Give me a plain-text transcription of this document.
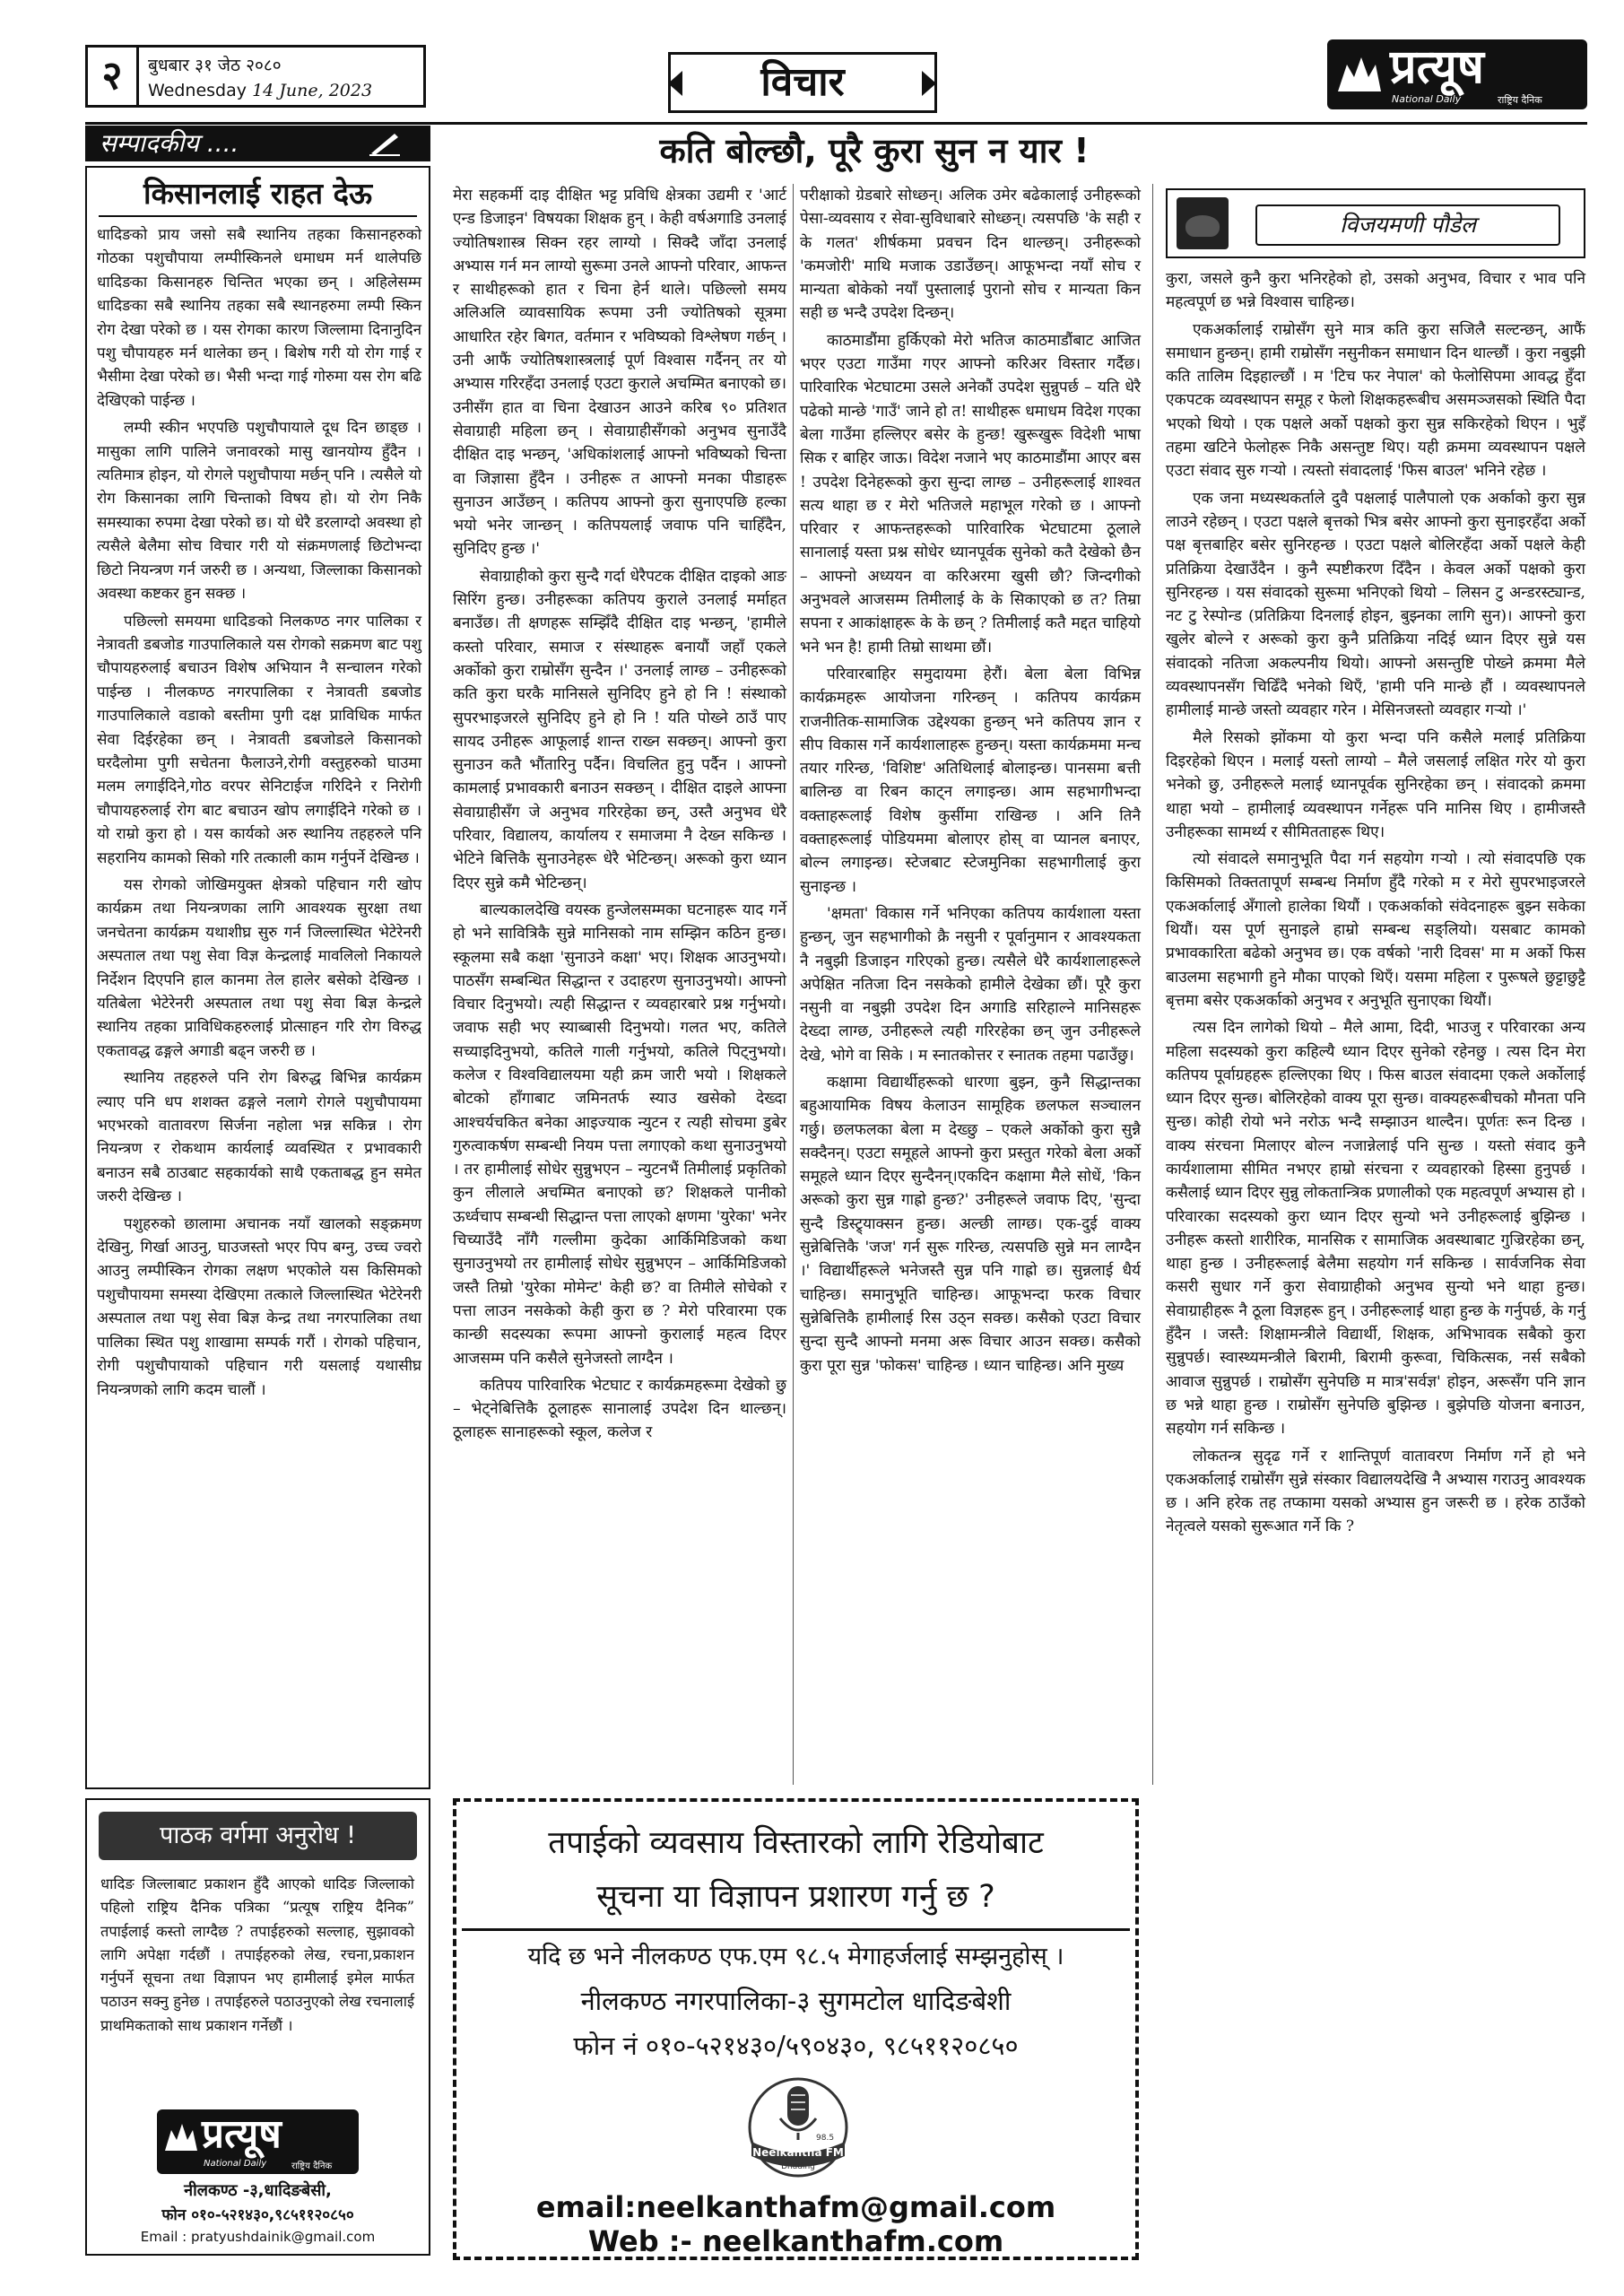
२	बुधबार ३१ जेठ २०८०
Wednesday 14 June, 2023	विचार	प्रत्यूष
National Daily	राष्ट्रिय दैनिक
सम्पादकीय ....
किसानलाई राहत देऊ

धादिङको प्राय जसो सबै स्थानिय तहका किसानहरुको गोठका पशुचौपाया लम्पीस्किनले धमाधम मर्न थालेपछि धादिङका किसानहरु चिन्तित भएका छन् । अहिलेसम्म धादिङका सबै स्थानिय तहका सबै स्थानहरुमा लम्पी स्किन रोग देखा परेको छ । यस रोगका कारण जिल्लामा दिनानुदिन पशु चौपायहरु मर्न थालेका छन् । बिशेष गरी यो रोग गाई र भैसीमा देखा परेको छ। भैसी भन्दा गाई गोरुमा यस रोग बढि देखिएको पाईन्छ ।

लम्पी स्कीन भएपछि पशुचौपायाले दूध दिन छाड्छ । मासुका लागि पालिने जनावरको मासु खानयोग्य हुँदैन । त्यतिमात्र होइन, यो रोगले पशुचौपाया मर्छन् पनि । त्यसैले यो रोग किसानका लागि चिन्ताको विषय हो। यो रोग निकै समस्याका रुपमा देखा परेको छ। यो धेरै डरलाग्दो अवस्था हो त्यसैले बेलैमा सोच विचार गरी यो संक्रमणलाई छिटोभन्दा छिटो नियन्त्रण गर्न जरुरी छ । अन्यथा, जिल्लाका किसानको अवस्था कष्टकर हुन सक्छ ।

पछिल्लो समयमा धादिङको निलकण्ठ नगर पालिका र नेत्रावती डबजोड गाउपालिकाले यस रोगको सक्रमण बाट पशु चौपायहरुलाई बचाउन विशेष अभियान नै सन्चालन गरेको पाईन्छ । नीलकण्ठ नगरपालिका र नेत्रावती डबजोड गाउपालिकाले वडाको बस्तीमा पुगी दक्ष प्राविधिक मार्फत सेवा दिईरहेका छन् । नेत्रावती डबजोडले किसानको घरदैलोमा पुगी सचेतना फैलाउने,रोगी वस्तुहरुको घाउमा मलम लगाईदिने,गोठ वरपर सेनिटाईज गरिदिने र निरोगी चौपायहरुलाई रोग बाट बचाउन खोप लगाईदिने गरेको छ । यो राम्रो कुरा हो । यस कार्यको अरु स्थानिय तहहरुले पनि सहरानिय कामको सिको गरि तत्काली काम गर्नुपर्ने देखिन्छ ।

यस रोगको जोखिमयुक्त क्षेत्रको पहिचान गरी खोप कार्यक्रम तथा नियन्त्रणका लागि आवश्यक सुरक्षा तथा जनचेतना कार्यक्रम यथाशीघ्र सुरु गर्न जिल्लास्थित भेटेरेनरी अस्पताल तथा पशु सेवा विज्ञ केन्द्रलाई मावलिलो निकायले निर्देशन दिएपनि हाल कानमा तेल हालेर बसेको देखिन्छ । यतिबेला भेटेरेनरी अस्पताल तथा पशु सेवा बिज्ञ केन्द्रले स्थानिय तहका प्राविधिकहरुलाई प्रोत्साहन गरि रोग विरुद्ध एकतावद्ध ढङ्गले अगाडी बढ्न जरुरी छ ।

स्थानिय तहहरुले पनि रोग बिरुद्ध बिभिन्न कार्यक्रम ल्याए पनि धप शशक्त ढङ्गले नलागे रोगले पशुचौपायमा भएभरको वातावरण सिर्जना नहोला भन्न सकिन्न । रोग नियन्त्रण र रोकथाम कार्यलाई व्यवस्थित र प्रभावकारी बनाउन सबै ठाउबाट सहकार्यको साथै एकताबद्ध हुन समेत जरुरी देखिन्छ ।

पशुहरुको छालामा अचानक नयाँ खालको सङ्क्रमण देखिनु, गिर्खा आउनु, घाउजस्तो भएर पिप बग्नु, उच्च ज्वरो आउनु लम्पीस्किन रोगका लक्षण भएकोले यस किसिमको पशुचौपायमा समस्या देखिएमा तत्काले जिल्लास्थित भेटेरेनरी अस्पताल तथा पशु सेवा बिज्ञ केन्द्र तथा नगरपालिका तथा पालिका स्थित पशु शाखामा सम्पर्क गरौं । रोगको पहिचान, रोगी पशुचौपायाको पहिचान गरी यसलाई यथासीघ्र नियन्त्रणको लागि कदम चालौं ।

पाठक वर्गमा अनुरोध !
धादिङ जिल्लाबाट प्रकाशन हुँदै आएको धादिङ जिल्लाको पहिलो राष्ट्रिय दैनिक पत्रिका “प्रत्यूष राष्ट्रिय दैनिक” तपाईलाई कस्तो लाग्दैछ ? तपाईहरुको सल्लाह, सुझावको लागि अपेक्षा गर्दछौं । तपाईहरुको लेख, रचना,प्रकाशन गर्नुपर्ने सूचना तथा विज्ञापन भए हामीलाई इमेल मार्फत पठाउन सक्नु हुनेछ । तपाईहरुले पठाउनुएको लेख रचनालाई प्राथमिकताको साथ प्रकाशन गर्नेछौं ।
प्रत्यूष
National Daily	राष्ट्रिय दैनिक
नीलकण्ठ -३,धादिङबेसी,
फोन ०१०-५२१४३०,९८५११२०८५०
Email : pratyushdainik@gmail.com
कति बोल्छौ, पूरै कुरा सुन न यार !

मेरा सहकर्मी दाइ दीक्षित भट्ट प्रविधि क्षेत्रका उद्यमी र 'आर्ट एन्ड डिजाइन' विषयका शिक्षक हुन् । केही वर्षअगाडि उनलाई ज्योतिषशास्त्र सिक्न रहर लाग्यो । सिक्दै जाँदा उनलाई अभ्यास गर्न मन लाग्यो सुरूमा उनले आफ्नो परिवार, आफन्त र साथीहरूको हात र चिना हेर्न थाले। पछिल्लो समय अलिअलि व्यावसायिक रूपमा उनी ज्योतिषको सूत्रमा आधारित रहेर बिगत, वर्तमान र भविष्यको विश्लेषण गर्छन् । उनी आफैं ज्योतिषशास्त्रलाई पूर्ण विश्वास गर्दैनन् तर यो अभ्यास गरिरहँदा उनलाई एउटा कुराले अचम्मित बनाएको छ। उनीसँग हात वा चिना देखाउन आउने करिब ९० प्रतिशत सेवाग्राही महिला छन् । सेवाग्राहीसँगको अनुभव सुनाउँदै दीक्षित दाइ भन्छन्, 'अधिकांशलाई आफ्नो भविष्यको चिन्ता वा जिज्ञासा हुँदैन । उनीहरू त आफ्नो मनका पीडाहरू सुनाउन आउँछन् । कतिपय आफ्नो कुरा सुनाएपछि हल्का भयो भनेर जान्छन् । कतिपयलाई जवाफ पनि चाहिँदैन, सुनिदिए हुन्छ ।'

सेवाग्राहीको कुरा सुन्दै गर्दा धेरैपटक दीक्षित दाइको आङ सिरिंग हुन्छ। उनीहरूका कतिपय कुराले उनलाई मर्माहत बनाउँछ। ती क्षणहरू सम्झिँदै दीक्षित दाइ भन्छन्, 'हामीले कस्तो परिवार, समाज र संस्थाहरू बनायौं जहाँ एकले अर्कोको कुरा राम्रोसँग सुन्दैन ।' उनलाई लाग्छ – उनीहरूको कति कुरा घरकै मानिसले सुनिदिए हुने हो नि ! संस्थाको सुपरभाइजरले सुनिदिए हुने हो नि ! यति पोख्ने ठाउँ पाए सायद उनीहरू आफूलाई शान्त राख्न सक्छन्। आफ्नो कुरा सुनाउन कतै भौंतारिनु पर्दैन। विचलित हुनु पर्दैन । आफ्नो कामलाई प्रभावकारी बनाउन सक्छन् । दीक्षित दाइले आफ्ना सेवाग्राहीसँग जे अनुभव गरिरहेका छन्, उस्तै अनुभव धेरै परिवार, विद्यालय, कार्यालय र समाजमा नै देख्न सकिन्छ । भेटिने बित्तिकै सुनाउनेहरू धेरै भेटिन्छन्। अरूको कुरा ध्यान दिएर सुन्ने कमै भेटिन्छन्।

बाल्यकालदेखि वयस्क हुन्जेलसम्मका घटनाहरू याद गर्ने हो भने सावित्रिकै सुन्ने मानिसको नाम सम्झिन कठिन हुन्छ। स्कूलमा सबै कक्षा 'सुनाउने कक्षा' भए। शिक्षक आउनुभयो। पाठसँग सम्बन्धित सिद्धान्त र उदाहरण सुनाउनुभयो। आफ्नो विचार दिनुभयो। त्यही सिद्धान्त र व्यवहारबारे प्रश्न गर्नुभयो। जवाफ सही भए स्याब्बासी दिनुभयो। गलत भए, कतिले सच्याइदिनुभयो, कतिले गाली गर्नुभयो, कतिले पिट्नुभयो। कलेज र विश्वविद्यालयमा यही क्रम जारी भयो । शिक्षकले बोटको हाँगाबाट जमिनतर्फ स्याउ खसेको देख्दा आश्चर्यचकित बनेका आइज्याक न्युटन र त्यही सोचमा डुबेर गुरुत्वाकर्षण सम्बन्धी नियम पत्ता लगाएको कथा सुनाउनुभयो । तर हामीलाई सोधेर सुन्नुभएन – न्युटनभैं तिमीलाई प्रकृतिको कुन लीलाले अचम्मित बनाएको छ? शिक्षकले पानीको ऊर्ध्वचाप सम्बन्धी सिद्धान्त पत्ता लाएको क्षणमा 'युरेका' भनेर चिच्याउँदै नाँगै गल्लीमा कुदेका आर्किमिडिजको कथा सुनाउनुभयो तर हामीलाई सोधेर सुन्नुभएन – आर्किमिडिजको जस्तै तिम्रो 'युरेका मोमेन्ट' केही छ? वा तिमीले सोचेको र पत्ता लाउन नसकेको केही कुरा छ ? मेरो परिवारमा एक कान्छी सदस्यका रूपमा आफ्नो कुरालाई महत्व दिएर आजसम्म पनि कसैले सुनेजस्तो लाग्दैन ।

कतिपय पारिवारिक भेटघाट र कार्यक्रमहरूमा देखेको छु – भेट्नेबित्तिकै ठूलाहरू सानालाई उपदेश दिन थाल्छन्। ठूलाहरू सानाहरूको स्कूल, कलेज र

परीक्षाको ग्रेडबारे सोध्छन्। अलिक उमेर बढेकालाई उनीहरूको पेसा-व्यवसाय र सेवा-सुविधाबारे सोध्छन्। त्यसपछि 'के सही र के गलत' शीर्षकमा प्रवचन दिन थाल्छन्। उनीहरूको 'कमजोरी' माथि मजाक उडाउँछन्। आफूभन्दा नयाँ सोच र मान्यता बोकेको नयाँ पुस्तालाई पुरानो सोच र मान्यता किन सही छ भन्दै उपदेश दिन्छन्।

काठमाडौंमा हुर्किएको मेरो भतिज काठमाडौंबाट आजित भएर एउटा गाउँमा गएर आफ्नो करिअर विस्तार गर्दैछ। पारिवारिक भेटघाटमा उसले अनेकौं उपदेश सुन्नुपर्छ – यति धेरै पढेको मान्छे 'गाउँ' जाने हो त! साथीहरू धमाधम विदेश गएका बेला गाउँमा हल्लिएर बसेर के हुन्छ! खुरूखुरू विदेशी भाषा सिक र बाहिर जाऊ। विदेश नजाने भए काठमाडौंमा आएर बस ! उपदेश दिनेहरूको कुरा सुन्दा लाग्छ – उनीहरूलाई शाश्वत सत्य थाहा छ र मेरो भतिजले महाभूल गरेको छ । आफ्नो परिवार र आफन्तहरूको पारिवारिक भेटघाटमा ठूलाले सानालाई यस्ता प्रश्न सोधेर ध्यानपूर्वक सुनेको कतै देखेको छैन – आफ्नो अध्ययन वा करिअरमा खुसी छौ? जिन्दगीको अनुभवले आजसम्म तिमीलाई के के सिकाएको छ त? तिम्रा सपना र आकांक्षाहरू के के छन् ? तिमीलाई कतै मद्दत चाहियो भने भन है! हामी तिम्रो साथमा छौं।

परिवारबाहिर समुदायमा हेरौं। बेला बेला विभिन्न कार्यक्रमहरू आयोजना गरिन्छन् । कतिपय कार्यक्रम राजनीतिक-सामाजिक उद्देश्यका हुन्छन् भने कतिपय ज्ञान र सीप विकास गर्ने कार्यशालाहरू हुन्छन्। यस्ता कार्यक्रममा मन्च तयार गरिन्छ, 'विशिष्ट' अतिथिलाई बोलाइन्छ। पानसमा बत्ती बालिन्छ वा रिबन काट्न लगाइन्छ। आम सहभागीभन्दा वक्ताहरूलाई विशेष कुर्सीमा राखिन्छ । अनि तिनै वक्ताहरूलाई पोडियममा बोलाएर होस् वा प्यानल बनाएर, बोल्न लगाइन्छ। स्टेजबाट स्टेजमुनिका सहभागीलाई कुरा सुनाइन्छ ।

'क्षमता' विकास गर्ने भनिएका कतिपय कार्यशाला यस्ता हुन्छन्, जुन सहभागीको क्रै नसुनी र पूर्वानुमान र आवश्यकता नै नबुझी डिजाइन गरिएको हुन्छ। त्यसैले धेरै कार्यशालाहरूले अपेक्षित नतिजा दिन नसकेको हामीले देखेका छौं। पूरै कुरा नसुनी वा नबुझी उपदेश दिन अगाडि सरिहाल्ने मानिसहरू देख्दा लाग्छ, उनीहरूले त्यही गरिरहेका छन् जुन उनीहरूले देखे, भोगे वा सिके । म स्नातकोत्तर र स्नातक तहमा पढाउँछु।

कक्षामा विद्यार्थीहरूको धारणा बुझ्न, कुनै सिद्धान्तका बहुआयामिक विषय केलाउन सामूहिक छलफल सञ्चालन गर्छु। छलफलका बेला म देख्छु – एकले अर्कोको कुरा सुन्नै सक्दैनन्। एउटा समूहले आफ्नो कुरा प्रस्तुत गरेको बेला अर्को समूहले ध्यान दिएर सुन्दैनन्।एकदिन कक्षामा मैले सोधें, 'किन अरूको कुरा सुन्न गाह्रो हुन्छ?' उनीहरूले जवाफ दिए, 'सुन्दा सुन्दै डिस्ट्र्याक्सन हुन्छ। अल्छी लाग्छ। एक-दुई वाक्य सुन्नेबित्तिकै 'जज' गर्न सुरू गरिन्छ, त्यसपछि सुन्ने मन लाग्दैन ।' विद्यार्थीहरूले भनेजस्तै सुन्न पनि गाह्रो छ। सुन्नलाई धैर्य चाहिन्छ। समानुभूति चाहिन्छ। आफूभन्दा फरक विचार सुन्नेबित्तिकै हामीलाई रिस उठ्न सक्छ। कसैको एउटा विचार सुन्दा सुन्दै आफ्नो मनमा अरू विचार आउन सक्छ। कसैको कुरा पूरा सुन्न 'फोकस' चाहिन्छ । ध्यान चाहिन्छ। अनि मुख्य

विजयमणी पौडेल

कुरा, जसले कुनै कुरा भनिरहेको हो, उसको अनुभव, विचार र भाव पनि महत्वपूर्ण छ भन्ने विश्वास चाहिन्छ।

एकअर्कालाई राम्रोसँग सुने मात्र कति कुरा सजिलै सल्टन्छन्, आफैं समाधान हुन्छन्। हामी राम्रोसँग नसुनीकन समाधान दिन थाल्छौं । कुरा नबुझी कति तालिम दिइहाल्छौं । म 'टिच फर नेपाल' को फेलोसिपमा आवद्ध हुँदा एकपटक व्यवस्थापन समूह र फेलो शिक्षकहरूबीच असमञ्जसको स्थिति पैदा भएको थियो । एक पक्षले अर्को पक्षको कुरा सुन्न सकिरहेको थिएन । भुइँ तहमा खटिने फेलोहरू निकै असन्तुष्ट थिए। यही क्रममा व्यवस्थापन पक्षले एउटा संवाद सुरु गऱ्यो । त्यस्तो संवादलाई 'फिस बाउल' भनिने रहेछ ।

एक जना मध्यस्थकर्ताले दुवै पक्षलाई पालैपालो एक अर्काको कुरा सुन्न लाउने रहेछन् । एउटा पक्षले बृत्तको भित्र बसेर आफ्नो कुरा सुनाइरहँदा अर्को पक्ष बृत्तबाहिर बसेर सुनिरहन्छ । एउटा पक्षले बोलिरहँदा अर्को पक्षले केही प्रतिक्रिया देखाउँदैन । कुनै स्पष्टीकरण दिँदैन । केवल अर्को पक्षको कुरा सुनिरहन्छ । यस संवादको सुरूमा भनिएको थियो – लिसन टु अन्डरस्ट्यान्ड, नट टु रेस्पोन्ड (प्रतिक्रिया दिनलाई होइन, बुझ्नका लागि सुन)। आफ्नो कुरा खुलेर बोल्ने र अरूको कुरा कुनै प्रतिक्रिया नदिई ध्यान दिएर सुन्ने यस संवादको नतिजा अकल्पनीय थियो। आफ्नो असन्तुष्टि पोख्ने क्रममा मैले व्यवस्थापनसँग चिढिँदै भनेको थिएँ, 'हामी पनि मान्छे हौं । व्यवस्थापनले हामीलाई मान्छे जस्तो व्यवहार गरेन । मेसिनजस्तो व्यवहार गऱ्यो ।'

मैले रिसको झोंकमा यो कुरा भन्दा पनि कसैले मलाई प्रतिक्रिया दिइरहेको थिएन । मलाई यस्तो लाग्यो – मैले जसलाई लक्षित गरेर यो कुरा भनेको छु, उनीहरूले मलाई ध्यानपूर्वक सुनिरहेका छन् । संवादको क्रममा थाहा भयो – हामीलाई व्यवस्थापन गर्नेहरू पनि मानिस थिए । हामीजस्तै उनीहरूका सामर्थ्य र सीमितताहरू थिए।

त्यो संवादले समानुभूति पैदा गर्न सहयोग गऱ्यो । त्यो संवादपछि एक किसिमको तिक्ततापूर्ण सम्बन्ध निर्माण हुँदै गरेको म र मेरो सुपरभाइजरले एकअर्कालाई अँगालो हालेका थियौं । एकअर्काको संवेदनाहरू बुझ्न सकेका थियौं। यस पूर्ण सुनाइले हाम्रो सम्बन्ध सङ्लियो। यसबाट कामको प्रभावकारिता बढेको अनुभव छ। एक वर्षको 'नारी दिवस' मा म अर्को फिस बाउलमा सहभागी हुने मौका पाएको थिएँ। यसमा महिला र पुरूषले छुट्टाछुट्टै बृत्तमा बसेर एकअर्काको अनुभव र अनुभूति सुनाएका थियौं।

त्यस दिन लागेको थियो – मैले आमा, दिदी, भाउजु र परिवारका अन्य महिला सदस्यको कुरा कहिल्यै ध्यान दिएर सुनेको रहेनछु । त्यस दिन मेरा कतिपय पूर्वाग्रहहरू हल्लिएका थिए । फिस बाउल संवादमा एकले अर्कोलाई ध्यान दिएर सुन्छ। बोलिरहेको वाक्य पूरा सुन्छ। वाक्यहरूबीचको मौनता पनि सुन्छ। कोही रोयो भने नरोऊ भन्दै सम्झाउन थाल्दैन। पूर्णतः रून दिन्छ । वाक्य संरचना मिलाएर बोल्न नजान्नेलाई पनि सुन्छ । यस्तो संवाद कुनै कार्यशालामा सीमित नभएर हाम्रो संरचना र व्यवहारको हिस्सा हुनुपर्छ । कसैलाई ध्यान दिएर सुन्नु लोकतान्त्रिक प्रणालीको एक महत्वपूर्ण अभ्यास हो । परिवारका सदस्यको कुरा ध्यान दिएर सुन्यो भने उनीहरूलाई बुझिन्छ । उनीहरू कस्तो शारीरिक, मानसिक र सामाजिक अवस्थाबाट गुज्रिरहेका छन्, थाहा हुन्छ । उनीहरूलाई बेलैमा सहयोग गर्न सकिन्छ । सार्वजनिक सेवा कसरी सुधार गर्ने कुरा सेवाग्राहीको अनुभव सुन्यो भने थाहा हुन्छ। सेवाग्राहीहरू नै ठूला विज्ञहरू हुन् । उनीहरूलाई थाहा हुन्छ के गर्नुपर्छ, के गर्नु हुँदैन । जस्तै: शिक्षामन्त्रीले विद्यार्थी, शिक्षक, अभिभावक सबैको कुरा सुन्नुपर्छ। स्वास्थ्यमन्त्रीले बिरामी, बिरामी कुरूवा, चिकित्सक, नर्स सबैको आवाज सुन्नुपर्छ । राम्रोसँग सुनेपछि म मात्र'सर्वज्ञ' होइन, अरूसँग पनि ज्ञान छ भन्ने थाहा हुन्छ । राम्रोसँग सुनेपछि बुझिन्छ । बुझेपछि योजना बनाउन, सहयोग गर्न सकिन्छ ।

लोकतन्त्र सुदृढ गर्ने र शान्तिपूर्ण वातावरण निर्माण गर्ने हो भने एकअर्कालाई राम्रोसँग सुन्ने संस्कार विद्यालयदेखि नै अभ्यास गराउनु आवश्यक छ । अनि हरेक तह तप्कामा यसको अभ्यास हुन जरूरी छ । हरेक ठाउँको नेतृत्वले यसको सुरूआत गर्ने कि ?

तपाईको व्यवसाय विस्तारको लागि रेडियोबाट
सूचना या विज्ञापन प्रशारण गर्नु छ ?
यदि छ भने नीलकण्ठ एफ.एम ९८.५ मेगाहर्जलाई सम्झनुहोस् ।
नीलकण्ठ नगरपालिका-३ सुगमटोल धादिङबेशी
फोन नं ०१०-५२१४३०/५९०४३०, ९८५११२०८५०
98.5
Neelkantha FM
Dhading
email:neelkanthafm@gmail.com
Web :- neelkanthafm.com
